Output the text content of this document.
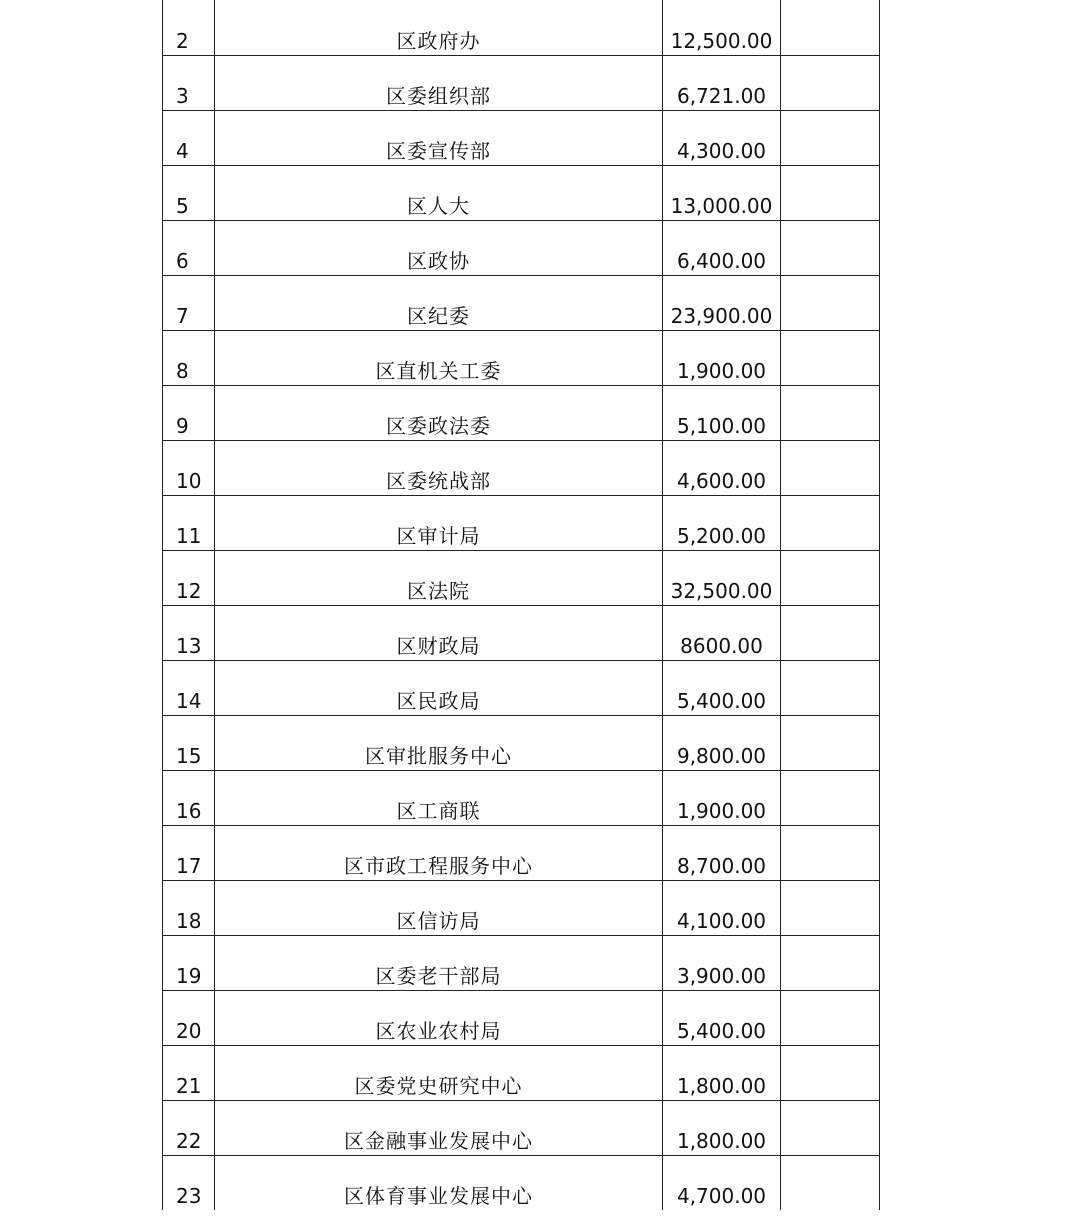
2	区政府办	12,500.00	
3	区委组织部	6,721.00	
4	区委宣传部	4,300.00	
5	区人大	13,000.00	
6	区政协	6,400.00	
7	区纪委	23,900.00	
8	区直机关工委	1,900.00	
9	区委政法委	5,100.00	
10	区委统战部	4,600.00	
11	区审计局	5,200.00	
12	区法院	32,500.00	
13	区财政局	8600.00	
14	区民政局	5,400.00	
15	区审批服务中心	9,800.00	
16	区工商联	1,900.00	
17	区市政工程服务中心	8,700.00	
18	区信访局	4,100.00	
19	区委老干部局	3,900.00	
20	区农业农村局	5,400.00	
21	区委党史研究中心	1,800.00	
22	区金融事业发展中心	1,800.00	
23	区体育事业发展中心	4,700.00	
